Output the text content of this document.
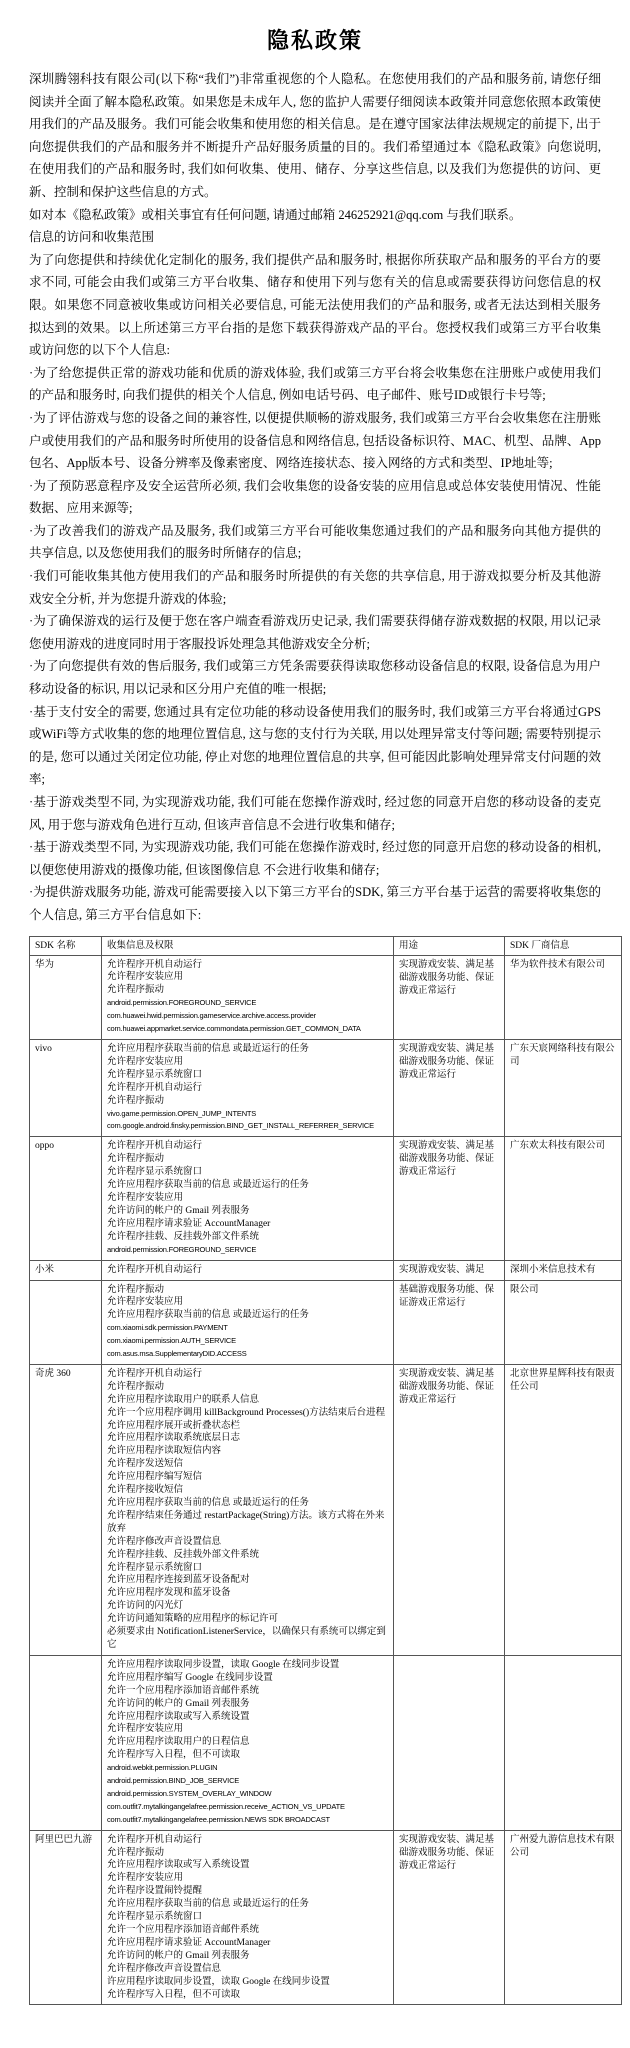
隐私政策

深圳腾翎科技有限公司(以下称“我们”)非常重视您的个人隐私。在您使用我们的产品和服务前, 请您仔细阅读并全面了解本隐私政策。如果您是未成年人, 您的监护人需要仔细阅读本政策并同意您依照本政策使用我们的产品及服务。我们可能会收集和使用您的相关信息。是在遵守国家法律法规规定的前提下, 出于向您提供我们的产品和服务并不断提升产品好服务质量的目的。我们希望通过本《隐私政策》向您说明, 在使用我们的产品和服务时, 我们如何收集、使用、储存、分享这些信息, 以及我们为您提供的访问、更新、控制和保护这些信息的方式。

如对本《隐私政策》或相关事宜有任何问题, 请通过邮箱 246252921@qq.com 与我们联系。

信息的访问和收集范围

为了向您提供和持续优化定制化的服务, 我们提供产品和服务时, 根据你所获取产品和服务的平台方的要求不同, 可能会由我们或第三方平台收集、储存和使用下列与您有关的信息或需要获得访问您信息的权限。如果您不同意被收集或访问相关必要信息, 可能无法使用我们的产品和服务, 或者无法达到相关服务拟达到的效果。以上所述第三方平台指的是您下载获得游戏产品的平台。您授权我们或第三方平台收集或访问您的以下个人信息:

·为了给您提供正常的游戏功能和优质的游戏体验, 我们或第三方平台将会收集您在注册账户或使用我们的产品和服务时, 向我们提供的相关个人信息, 例如电话号码、电子邮件、账号ID或银行卡号等;

·为了评估游戏与您的设备之间的兼容性, 以便提供顺畅的游戏服务, 我们或第三方平台会收集您在注册账户或使用我们的产品和服务时所使用的设备信息和网络信息, 包括设备标识符、MAC、机型、品牌、App包名、App版本号、设备分辨率及像素密度、网络连接状态、接入网络的方式和类型、IP地址等;

·为了预防恶意程序及安全运营所必须, 我们会收集您的设备安装的应用信息或总体安装使用情况、性能数据、应用来源等;

·为了改善我们的游戏产品及服务, 我们或第三方平台可能收集您通过我们的产品和服务向其他方提供的共享信息, 以及您使用我们的服务时所储存的信息;

·我们可能收集其他方使用我们的产品和服务时所提供的有关您的共享信息, 用于游戏拟要分析及其他游戏安全分析, 并为您提升游戏的体验;

·为了确保游戏的运行及便于您在客户端查看游戏历史记录, 我们需要获得储存游戏数据的权限, 用以记录您使用游戏的进度同时用于客服投诉处理急其他游戏安全分析;

·为了向您提供有效的售后服务, 我们或第三方凭条需要获得读取您移动设备信息的权限, 设备信息为用户移动设备的标识, 用以记录和区分用户充值的唯一根据;

·基于支付安全的需要, 您通过具有定位功能的移动设备使用我们的服务时, 我们或第三方平台将通过GPS或WiFi等方式收集的您的地理位置信息, 这与您的支付行为关联, 用以处理异常支付等问题; 需要特别提示的是, 您可以通过关闭定位功能, 停止对您的地理位置信息的共享, 但可能因此影响处理异常支付问题的效率;

·基于游戏类型不同, 为实现游戏功能, 我们可能在您操作游戏时, 经过您的同意开启您的移动设备的麦克风, 用于您与游戏角色进行互动, 但该声音信息不会进行收集和储存;

·基于游戏类型不同, 为实现游戏功能, 我们可能在您操作游戏时, 经过您的同意开启您的移动设备的相机, 以便您使用游戏的摄像功能, 但该图像信息 不会进行收集和储存;

·为提供游戏服务功能, 游戏可能需要接入以下第三方平台的SDK, 第三方平台基于运营的需要将收集您的个人信息, 第三方平台信息如下:

SDK 名称	收集信息及权限	用途	SDK 厂商信息
华为	允许程序开机自动运行
允许程序安装应用
允许程序振动
android.permission.FOREGROUND_SERVICE
com.huawei.hwid.permission.gameservice.archive.access.provider
com.huawei.appmarket.service.commondata.permission.GET_COMMON_DATA
	实现游戏安装、满足基础游戏服务功能、保证游戏正常运行	华为软件技术有限公司
vivo	允许应用程序获取当前的信息 或最近运行的任务
允许程序安装应用
允许程序显示系统窗口
允许程序开机自动运行
允许程序振动
vivo.game.permission.OPEN_JUMP_INTENTS
com.google.android.finsky.permission.BIND_GET_INSTALL_REFERRER_SERVICE
	实现游戏安装、满足基础游戏服务功能、保证游戏正常运行	广东天宸网络科技有限公司
oppo	允许程序开机自动运行
允许程序振动
允许程序显示系统窗口
允许应用程序获取当前的信息 或最近运行的任务
允许程序安装应用
允许访问的帐户的 Gmail 列表服务
允许应用程序请求验证 AccountManager
允许程序挂载、反挂载外部文件系统
android.permission.FOREGROUND_SERVICE
	实现游戏安装、满足基础游戏服务功能、保证游戏正常运行	广东欢太科技有限公司
小米	允许程序开机自动运行	实现游戏安装、满足	深圳小米信息技术有

允许程序振动
允许程序安装应用
允许应用程序获取当前的信息 或最近运行的任务
com.xiaomi.sdk.permission.PAYMENT
com.xiaomi.permission.AUTH_SERVICE
com.asus.msa.SupplementaryDID.ACCESS
	基础游戏服务功能、保证游戏正常运行	限公司
奇虎 360	允许程序开机自动运行
允许程序振动
允许应用程序读取用户的联系人信息
允许一个应用程序调用 killBackground Processes()方法结束后台进程
允许应用程序展开或折叠状态栏
允许应用程序读取系统底层日志
允许应用程序读取短信内容
允许程序发送短信
允许应用程序编写短信
允许程序接收短信
允许应用程序获取当前的信息 或最近运行的任务
允许程序结束任务通过 restartPackage(String)方法。该方式将在外来放弃
允许程序修改声音设置信息
允许程序挂载、反挂载外部文件系统
允许程序显示系统窗口
允许应用程序连接到蓝牙设备配对
允许应用程序发现和蓝牙设备
允许访问的闪光灯
允许访问通知策略的应用程序的标记许可
必须要求由 NotificationListenerService，以确保只有系统可以绑定到它
	实现游戏安装、满足基础游戏服务功能、保证游戏正常运行	北京世界星辉科技有限责任公司

允许应用程序读取同步设置，读取 Google 在线同步设置
允许应用程序编写 Google 在线同步设置
允许一个应用程序添加语音邮件系统
允许访问的帐户的 Gmail 列表服务
允许应用程序读取或写入系统设置
允许程序安装应用
允许应用程序读取用户的日程信息
允许程序写入日程，但不可读取
android.webkit.permission.PLUGIN
android.permission.BIND_JOB_SERVICE
android.permission.SYSTEM_OVERLAY_WINDOW
com.outfit7.mytalkingangelafree.permission.receive_ACTION_VS_UPDATE
com.outfit7.mytalkingangelafree.permission.NEWS SDK BROADCAST

阿里巴巴九游	允许程序开机自动运行
允许程序振动
允许应用程序读取或写入系统设置
允许程序安装应用
允许程序设置闹铃提醒
允许应用程序获取当前的信息 或最近运行的任务
允许程序显示系统窗口
允许一个应用程序添加语音邮件系统
允许应用程序请求验证 AccountManager
允许访问的帐户的 Gmail 列表服务
允许程序修改声音设置信息
许应用程序读取同步设置，读取 Google 在线同步设置
允许程序写入日程，但不可读取
	实现游戏安装、满足基础游戏服务功能、保证游戏正常运行	广州爱九游信息技术有限公司
